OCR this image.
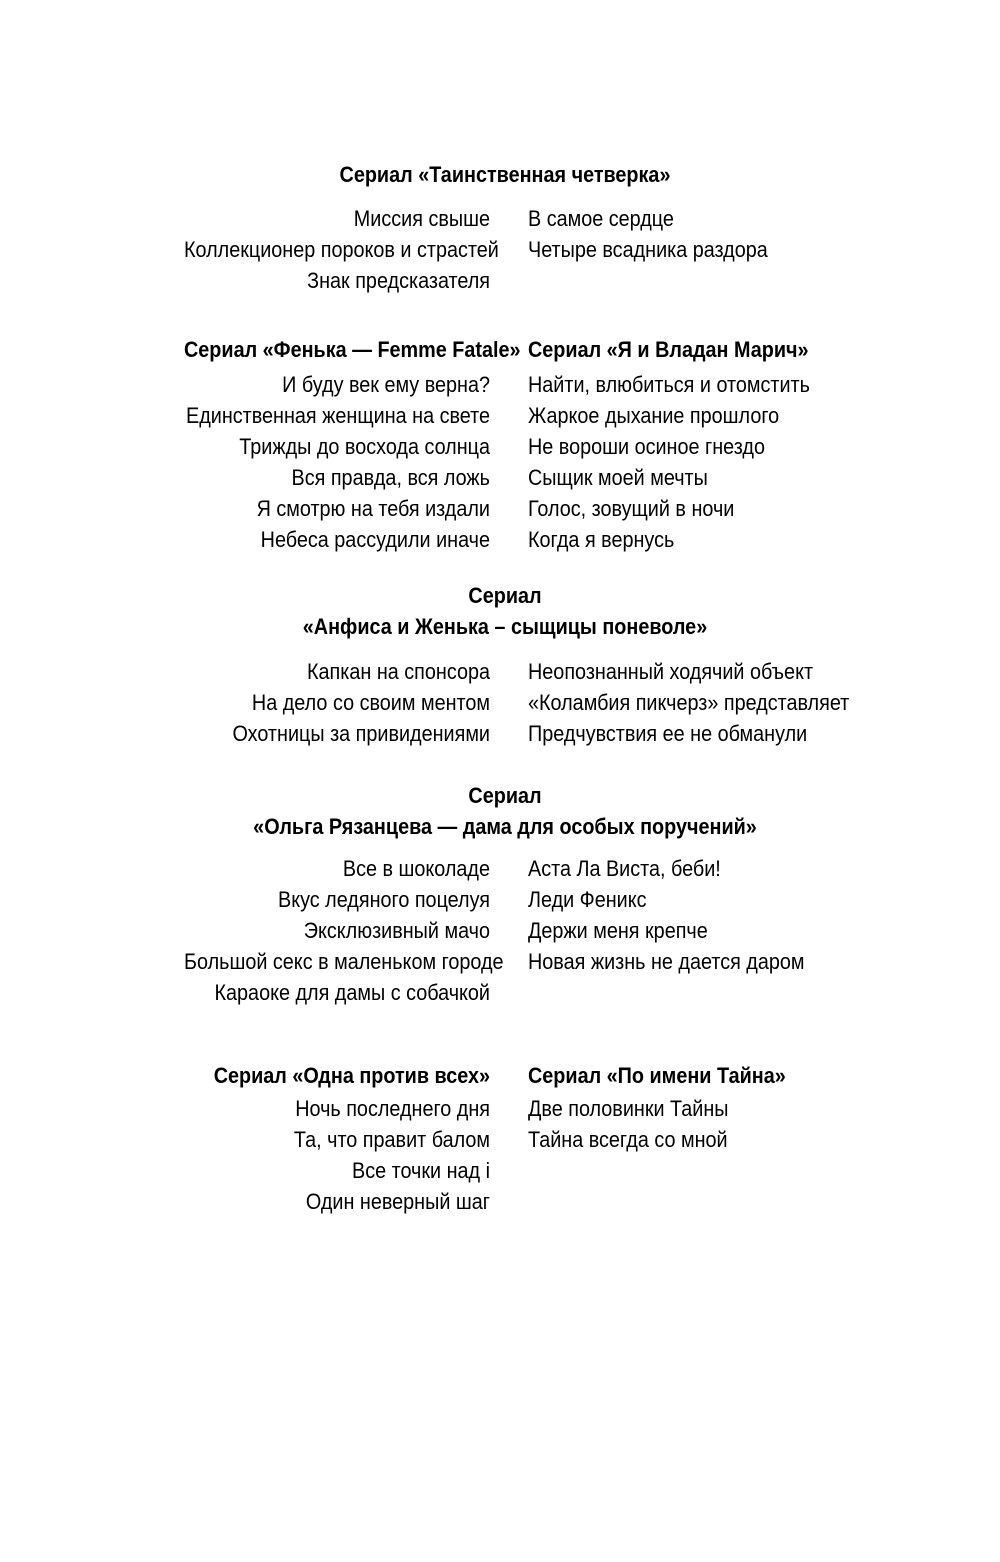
Сериал «Таинственная четверка»
Миссия свыше
Коллекционер пороков и страстей
Знак предсказателя
В самое сердце
Четыре всадника раздора
Сериал «Фенька — Femme Fatale»
И буду век ему верна?
Единственная женщина на свете
Трижды до восхода солнца
Вся правда, вся ложь
Я смотрю на тебя издали
Небеса рассудили иначе
Сериал «Я и Владан Марич»
Найти, влюбиться и отомстить
Жаркое дыхание прошлого
Не вороши осиное гнездо
Сыщик моей мечты
Голос, зовущий в ночи
Когда я вернусь
Сериал
«Анфиса и Женька – сыщицы поневоле»
Капкан на спонсора
На дело со своим ментом
Охотницы за привидениями
Неопознанный ходячий объект
«Коламбия пикчерз» представляет
Предчувствия ее не обманули
Сериал
«Ольга Рязанцева — дама для особых поручений»
Все в шоколаде
Вкус ледяного поцелуя
Эксклюзивный мачо
Большой секс в маленьком городе
Караоке для дамы с собачкой
Аста Ла Виста, беби!
Леди Феникс
Держи меня крепче
Новая жизнь не дается даром
Сериал «Одна против всех»
Ночь последнего дня
Та, что правит балом
Все точки над i
Один неверный шаг
Сериал «По имени Тайна»
Две половинки Тайны
Тайна всегда со мной
